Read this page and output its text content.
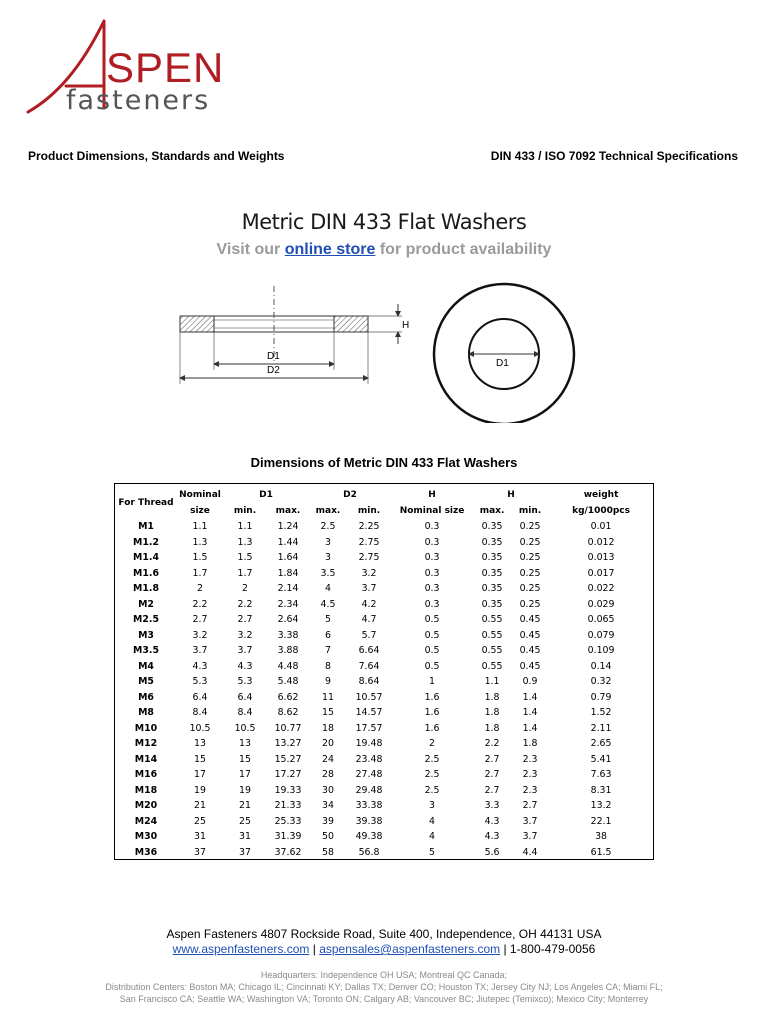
SPEN
fasteners
Product Dimensions, Standards and Weights	DIN 433 / ISO 7092 Technical Specifications
Metric DIN 433 Flat Washers
Visit our online store for product availability
H
D1
D2
D1
Dimensions of Metric DIN 433 Flat Washers
For Thread	Nominal	D1		D2		H	H		weight
	size	min.	max.	max.	min.	Nominal size	max.	min.	kg/1000pcs
M1	1.1	1.1	1.24	2.5	2.25	0.3	0.35	0.25	0.01
M1.2	1.3	1.3	1.44	3	2.75	0.3	0.35	0.25	0.012
M1.4	1.5	1.5	1.64	3	2.75	0.3	0.35	0.25	0.013
M1.6	1.7	1.7	1.84	3.5	3.2	0.3	0.35	0.25	0.017
M1.8	2	2	2.14	4	3.7	0.3	0.35	0.25	0.022
M2	2.2	2.2	2.34	4.5	4.2	0.3	0.35	0.25	0.029
M2.5	2.7	2.7	2.64	5	4.7	0.5	0.55	0.45	0.065
M3	3.2	3.2	3.38	6	5.7	0.5	0.55	0.45	0.079
M3.5	3.7	3.7	3.88	7	6.64	0.5	0.55	0.45	0.109
M4	4.3	4.3	4.48	8	7.64	0.5	0.55	0.45	0.14
M5	5.3	5.3	5.48	9	8.64	1	1.1	0.9	0.32
M6	6.4	6.4	6.62	11	10.57	1.6	1.8	1.4	0.79
M8	8.4	8.4	8.62	15	14.57	1.6	1.8	1.4	1.52
M10	10.5	10.5	10.77	18	17.57	1.6	1.8	1.4	2.11
M12	13	13	13.27	20	19.48	2	2.2	1.8	2.65
M14	15	15	15.27	24	23.48	2.5	2.7	2.3	5.41
M16	17	17	17.27	28	27.48	2.5	2.7	2.3	7.63
M18	19	19	19.33	30	29.48	2.5	2.7	2.3	8.31
M20	21	21	21.33	34	33.38	3	3.3	2.7	13.2
M24	25	25	25.33	39	39.38	4	4.3	3.7	22.1
M30	31	31	31.39	50	49.38	4	4.3	3.7	38
M36	37	37	37.62	58	56.8	5	5.6	4.4	61.5
Aspen Fasteners 4807 Rockside Road, Suite 400, Independence, OH 44131 USA
www.aspenfasteners.com | aspensales@aspenfasteners.com | 1-800-479-0056
Headquarters: Independence OH USA; Montreal QC Canada;
Distribution Centers: Boston MA; Chicago IL; Cincinnati KY; Dallas TX; Denver CO; Houston TX; Jersey City NJ; Los Angeles CA; Miami FL;
San Francisco CA; Seattle WA; Washington VA; Toronto ON; Calgary AB; Vancouver BC; Jiutepec (Temixco); Mexico City; Monterrey
